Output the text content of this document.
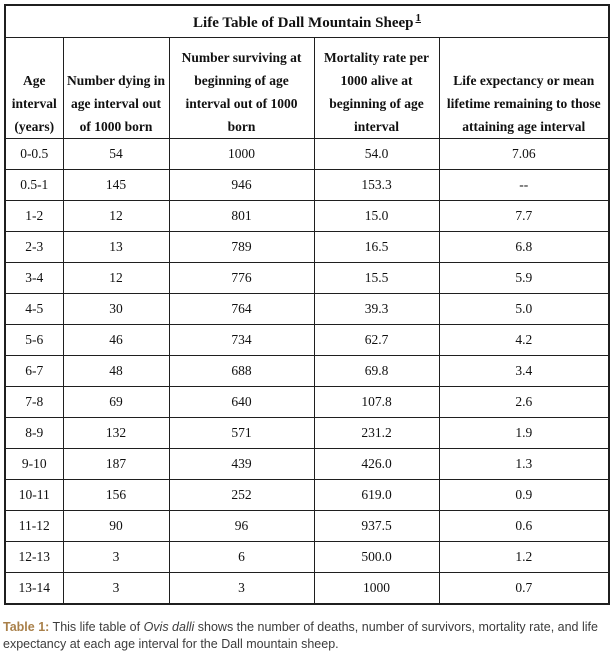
Life Table of Dall Mountain Sheep $^1$
Age interval (years)	Number dying in age interval out of 1000 born	Number surviving at beginning of age interval out of 1000 born	Mortality rate per 1000 alive at beginning of age interval	Life expectancy or mean lifetime remaining to those attaining age interval
0-0.5	54	1000	54.0	7.06
0.5-1	145	946	153.3	--
1-2	12	801	15.0	7.7
2-3	13	789	16.5	6.8
3-4	12	776	15.5	5.9
4-5	30	764	39.3	5.0
5-6	46	734	62.7	4.2
6-7	48	688	69.8	3.4
7-8	69	640	107.8	2.6
8-9	132	571	231.2	1.9
9-10	187	439	426.0	1.3
10-11	156	252	619.0	0.9
11-12	90	96	937.5	0.6
12-13	3	6	500.0	1.2
13-14	3	3	1000	0.7

Table 1: This life table of Ovis dalli shows the number of deaths, number of survivors, mortality rate, and life expectancy at each age interval for the Dall mountain sheep.
